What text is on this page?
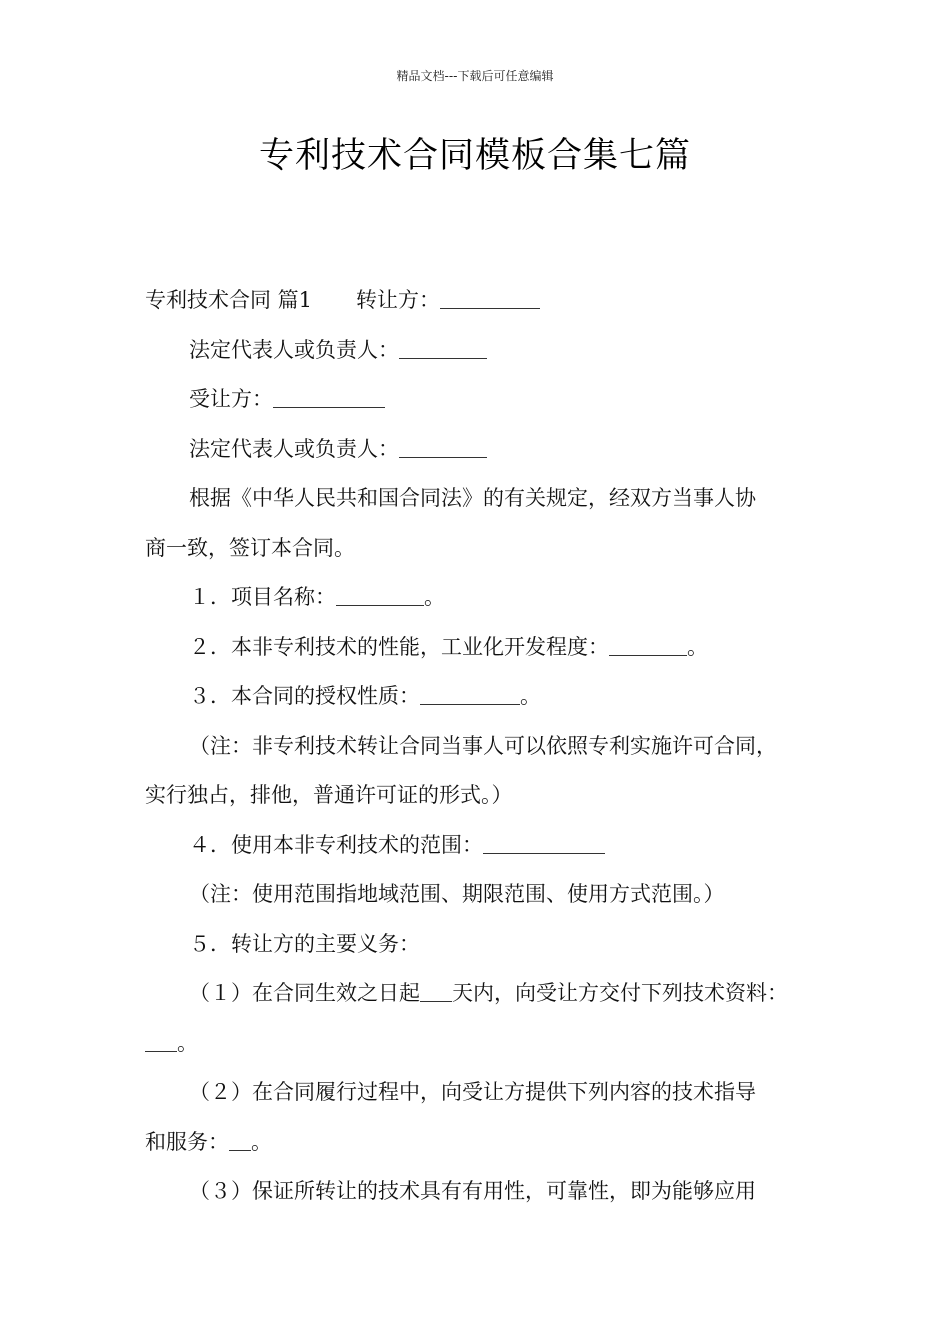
精品文档---下载后可任意编辑
专利技术合同模板合集七篇
专利技术合同 篇1 转让方：
法定代表人或负责人：
受让方：
法定代表人或负责人：
根据《中华人民共和国合同法》的有关规定，经双方当事人协
商一致，签订本合同。
１．项目名称：	。
２．本非专利技术的性能，工业化开发程度：	。
３．本合同的授权性质：	。
（注：非专利技术转让合同当事人可以依照专利实施许可合同，
实行独占，排他，普通许可证的形式。）
４．使用本非专利技术的范围：
（注：使用范围指地域范围、期限范围、使用方式范围。）
５．转让方的主要义务：
（１）在合同生效之日起 天内，向受让方交付下列技术资料：
。
（２）在合同履行过程中，向受让方提供下列内容的技术指导
和服务： 。
（３）保证所转让的技术具有有用性，可靠性，即为能够应用
